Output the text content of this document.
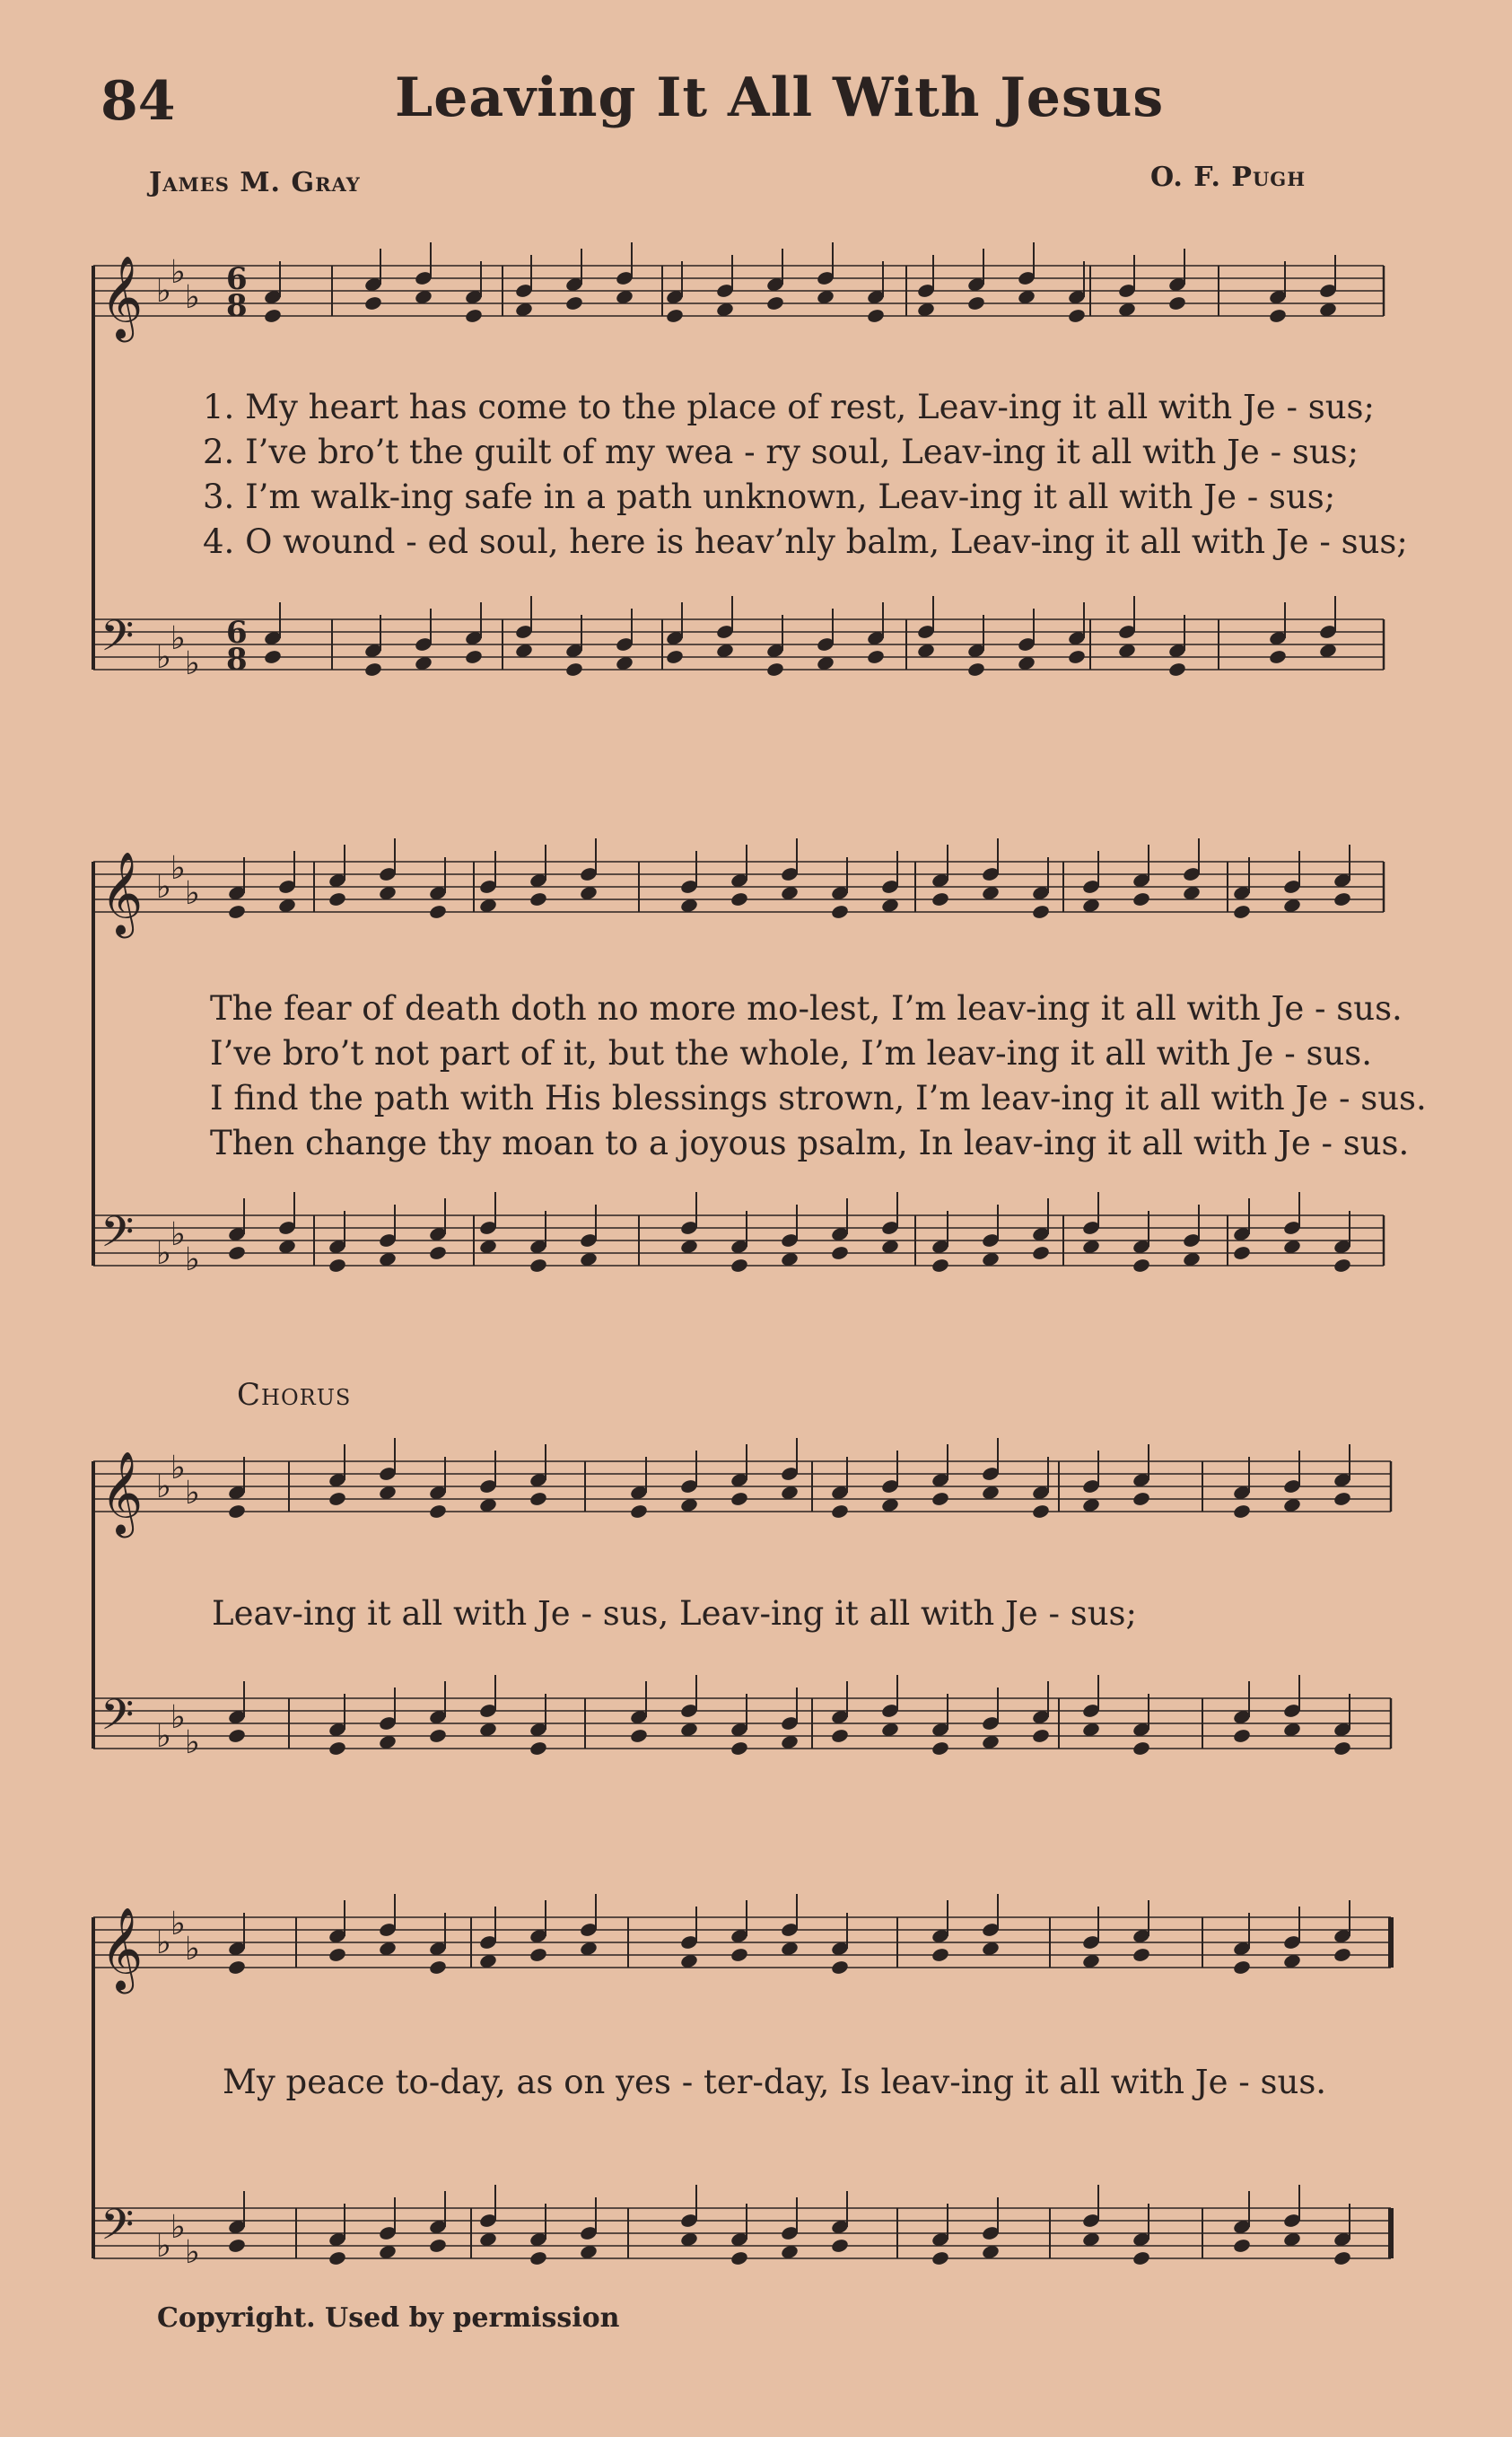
𝄞 ♭
♭
♭
𝄢 ♭
♭
♭
6
8
6
8
𝄞 ♭
♭
♭
𝄢 ♭
♭
♭
𝄞 ♭
♭
♭
𝄢 ♭
♭
♭
𝄞 ♭
♭
♭
𝄢 ♭
♭
♭
84	Leaving It All With Jesus
James M. Gray	O. F. Pugh
1. My heart has come to the place of rest, Leav-ing it all with Je - sus;
2. I’ve bro’t the guilt of my wea - ry soul, Leav-ing it all with Je - sus;
3. I’m walk-ing safe in a path unknown, Leav-ing it all with Je - sus;
4. O wound - ed soul, here is heav’nly balm, Leav-ing it all with Je - sus;
The fear of death doth no more mo-lest, I’m leav-ing it all with Je - sus.
I’ve bro’t not part of it, but the whole, I’m leav-ing it all with Je - sus.
I find the path with His blessings strown, I’m leav-ing it all with Je - sus.
Then change thy moan to a joyous psalm, In leav-ing it all with Je - sus.
Chorus
Leav-ing it all with Je - sus, Leav-ing it all with Je - sus;
My peace to-day, as on yes - ter-day, Is leav-ing it all with Je - sus.
Copyright. Used by permission
